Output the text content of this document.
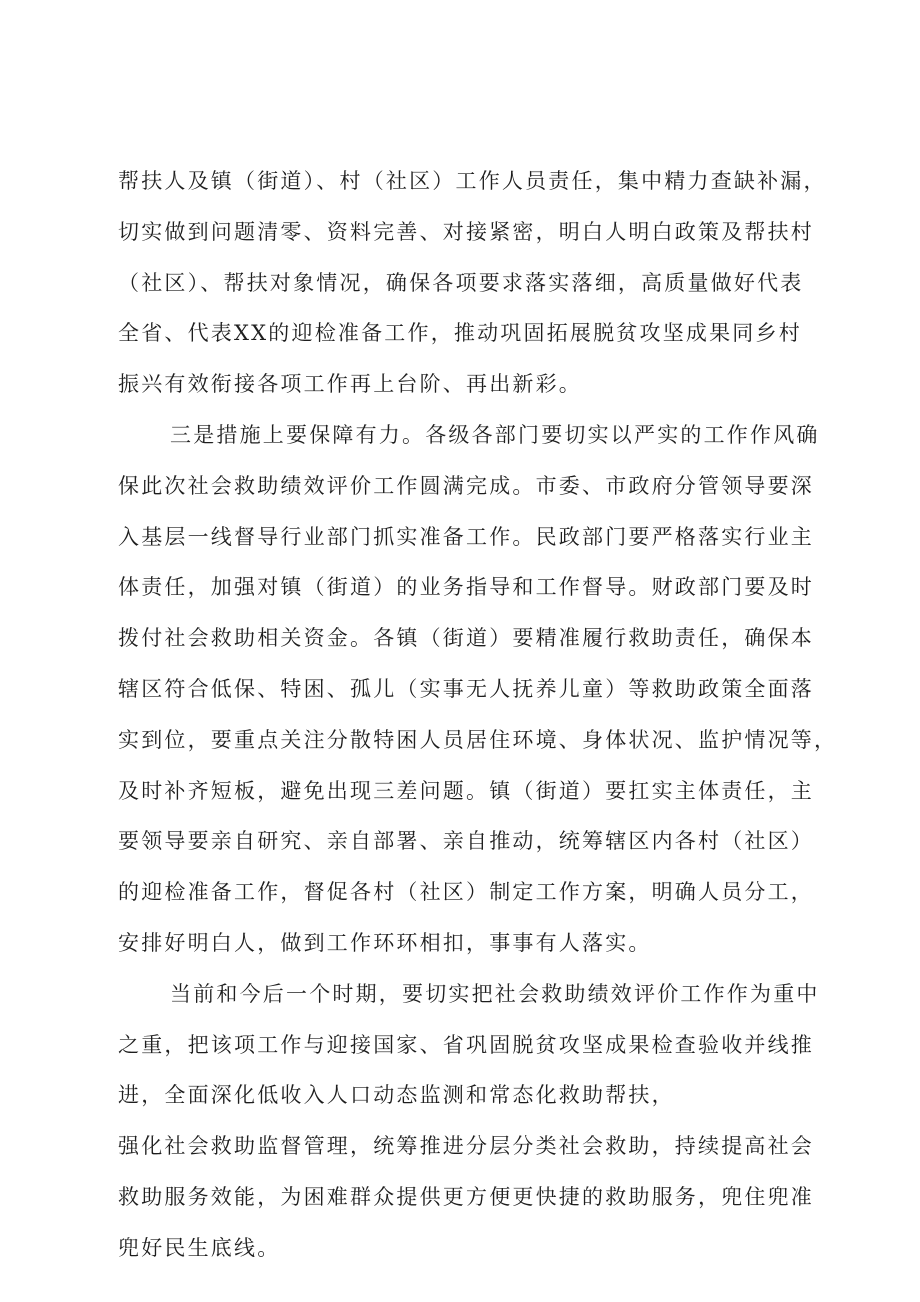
帮扶人及镇（街道）、村（社区）工作人员责任，集中精力查缺补漏，
切实做到问题清零、资料完善、对接紧密，明白人明白政策及帮扶村
（社区）、帮扶对象情况，确保各项要求落实落细，高质量做好代表
全省、代表XX的迎检准备工作，推动巩固拓展脱贫攻坚成果同乡村
振兴有效衔接各项工作再上台阶、再出新彩。
三是措施上要保障有力。各级各部门要切实以严实的工作作风确
保此次社会救助绩效评价工作圆满完成。市委、市政府分管领导要深
入基层一线督导行业部门抓实准备工作。民政部门要严格落实行业主
体责任，加强对镇（街道）的业务指导和工作督导。财政部门要及时
拨付社会救助相关资金。各镇（街道）要精准履行救助责任，确保本
辖区符合低保、特困、孤儿（实事无人抚养儿童）等救助政策全面落
实到位，要重点关注分散特困人员居住环境、身体状况、监护情况等，
及时补齐短板，避免出现三差问题。镇（街道）要扛实主体责任，主
要领导要亲自研究、亲自部署、亲自推动，统筹辖区内各村（社区）
的迎检准备工作，督促各村（社区）制定工作方案，明确人员分工，
安排好明白人，做到工作环环相扣，事事有人落实。
当前和今后一个时期，要切实把社会救助绩效评价工作作为重中
之重，把该项工作与迎接国家、省巩固脱贫攻坚成果检查验收并线推
进，全面深化低收入人口动态监测和常态化救助帮扶，
强化社会救助监督管理，统筹推进分层分类社会救助，持续提高社会
救助服务效能，为困难群众提供更方便更快捷的救助服务，兜住兜准
兜好民生底线。
